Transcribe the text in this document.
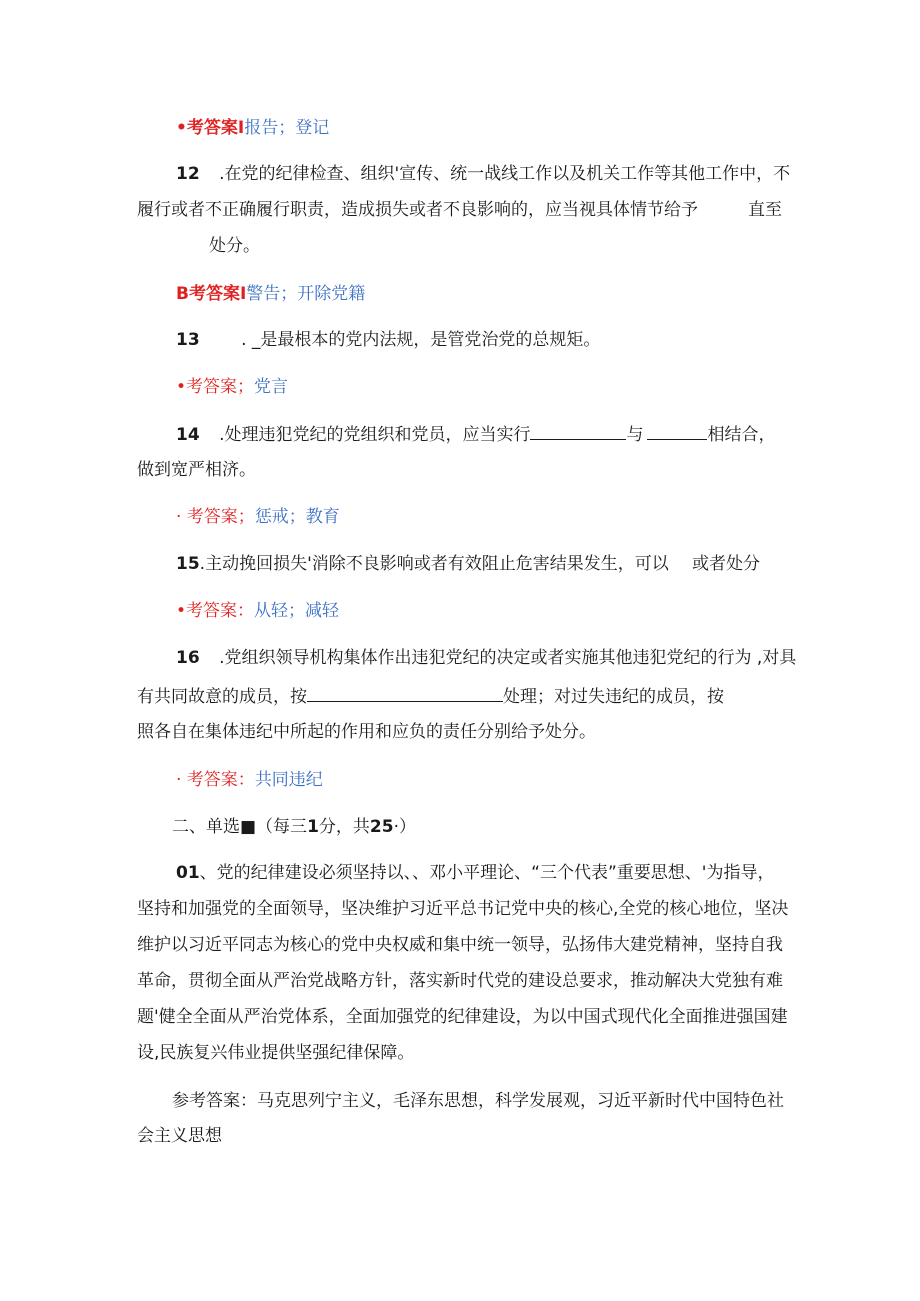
•考答案I报告；登记
12 .在党的纪律检查、组织'宣传、统一战线工作以及机关工作等其他工作中，不
履行或者不正确履行职责，造成损失或者不良影响的，应当视具体情节给予	直至
处分。
B考答案I警告；开除党籍
13 . _是最根本的党内法规，是管党治党的总规矩。
•考答案；党言
14 .处理违犯党纪的党组织和党员，应当实行	与	相结合，
做到宽严相济。
· 考答案；惩戒；教育
15.主动挽回损失'消除不良影响或者有效阻止危害结果发生，可以 或者处分
•考答案：从轻；减轻
16 .党组织领导机构集体作出违犯党纪的决定或者实施其他违犯党纪的行为 ,对具
有共同故意的成员，按	处理；对过失违纪的成员，按
照各自在集体违纪中所起的作用和应负的责任分别给予处分。
· 考答案：共同违纪
二、单选■（每三1分，共25·）
01、党的纪律建设必须坚持以、、邓小平理论、“三个代表”重要思想、'为指导，
坚持和加强党的全面领导，坚决维护习近平总书记党中央的核心,全党的核心地位，坚决
维护以习近平同志为核心的党中央权威和集中统一领导，弘扬伟大建党精神，坚持自我
革命，贯彻全面从严治党战略方针，落实新时代党的建设总要求，推动解决大党独有难
题'健全全面从严治党体系，全面加强党的纪律建设，为以中国式现代化全面推进强国建
设,民族复兴伟业提供坚强纪律保障。
参考答案：马克思列宁主义，毛泽东思想，科学发展观，习近平新时代中国特色社
会主义思想
